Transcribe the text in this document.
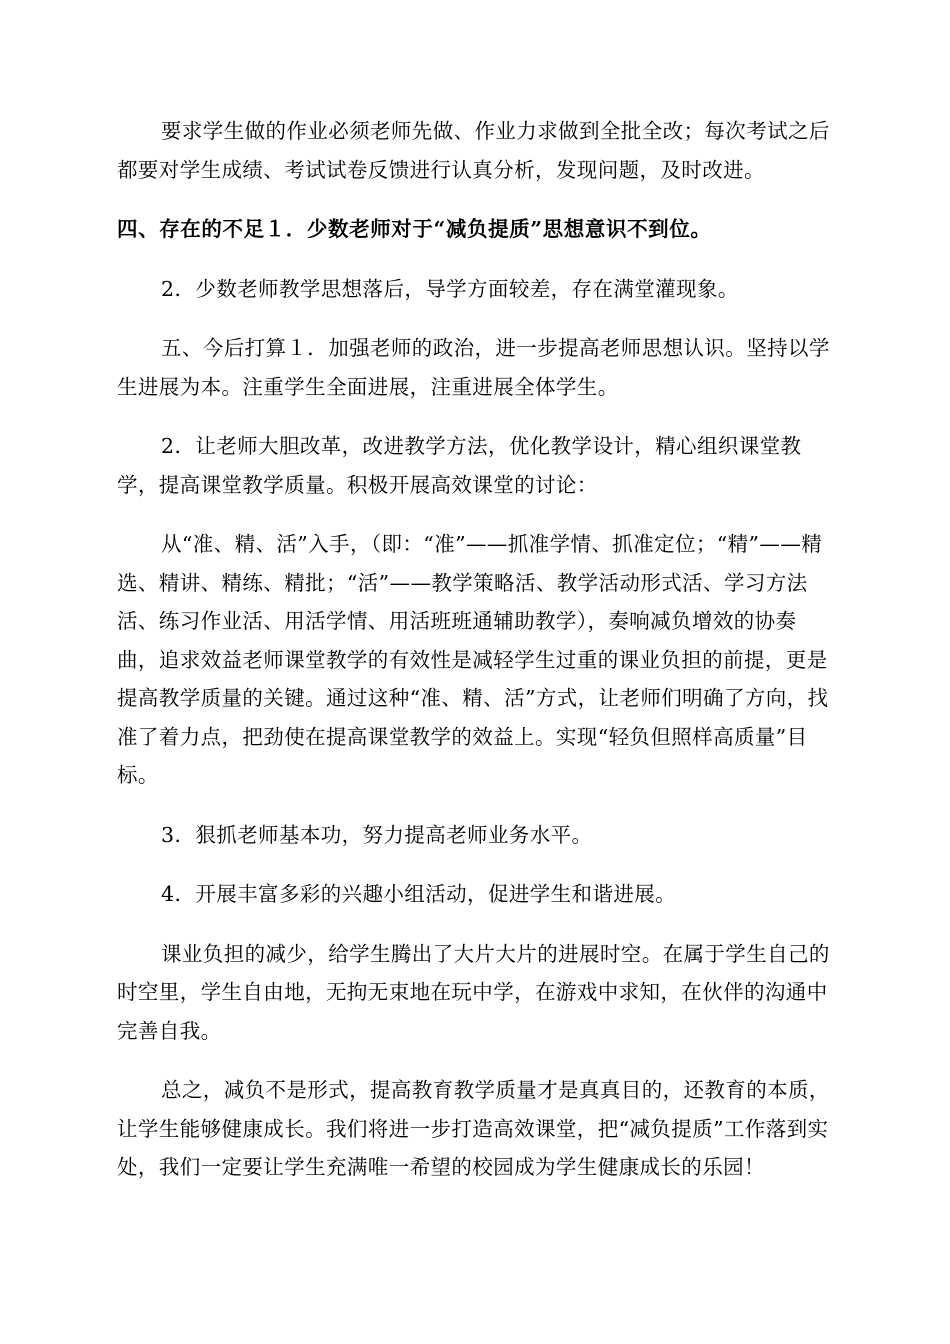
要求学生做的作业必须老师先做、作业力求做到全批全改；每次考试之后都要对学生成绩、考试试卷反馈进行认真分析，发现问题，及时改进。

四、存在的不足１．少数老师对于“减负提质”思想意识不到位。

2．少数老师教学思想落后，导学方面较差，存在满堂灌现象。

五、今后打算１．加强老师的政治，进一步提高老师思想认识。坚持以学生进展为本。注重学生全面进展，注重进展全体学生。

2．让老师大胆改革，改进教学方法，优化教学设计，精心组织课堂教学，提高课堂教学质量。积极开展高效课堂的讨论：

从“准、精、活”入手，（即：“准”——抓准学情、抓准定位；“精”——精选、精讲、精练、精批；“活”——教学策略活、教学活动形式活、学习方法活、练习作业活、用活学情、用活班班通辅助教学），奏响减负增效的协奏曲，追求效益老师课堂教学的有效性是减轻学生过重的课业负担的前提，更是提高教学质量的关键。通过这种“准、精、活”方式，让老师们明确了方向，找准了着力点，把劲使在提高课堂教学的效益上。实现“轻负但照样高质量”目标。

3．狠抓老师基本功，努力提高老师业务水平。

4．开展丰富多彩的兴趣小组活动，促进学生和谐进展。

课业负担的减少，给学生腾出了大片大片的进展时空。在属于学生自己的时空里，学生自由地，无拘无束地在玩中学，在游戏中求知，在伙伴的沟通中完善自我。

总之，减负不是形式，提高教育教学质量才是真真目的，还教育的本质，让学生能够健康成长。我们将进一步打造高效课堂，把“减负提质”工作落到实处，我们一定要让学生充满唯一希望的校园成为学生健康成长的乐园！
